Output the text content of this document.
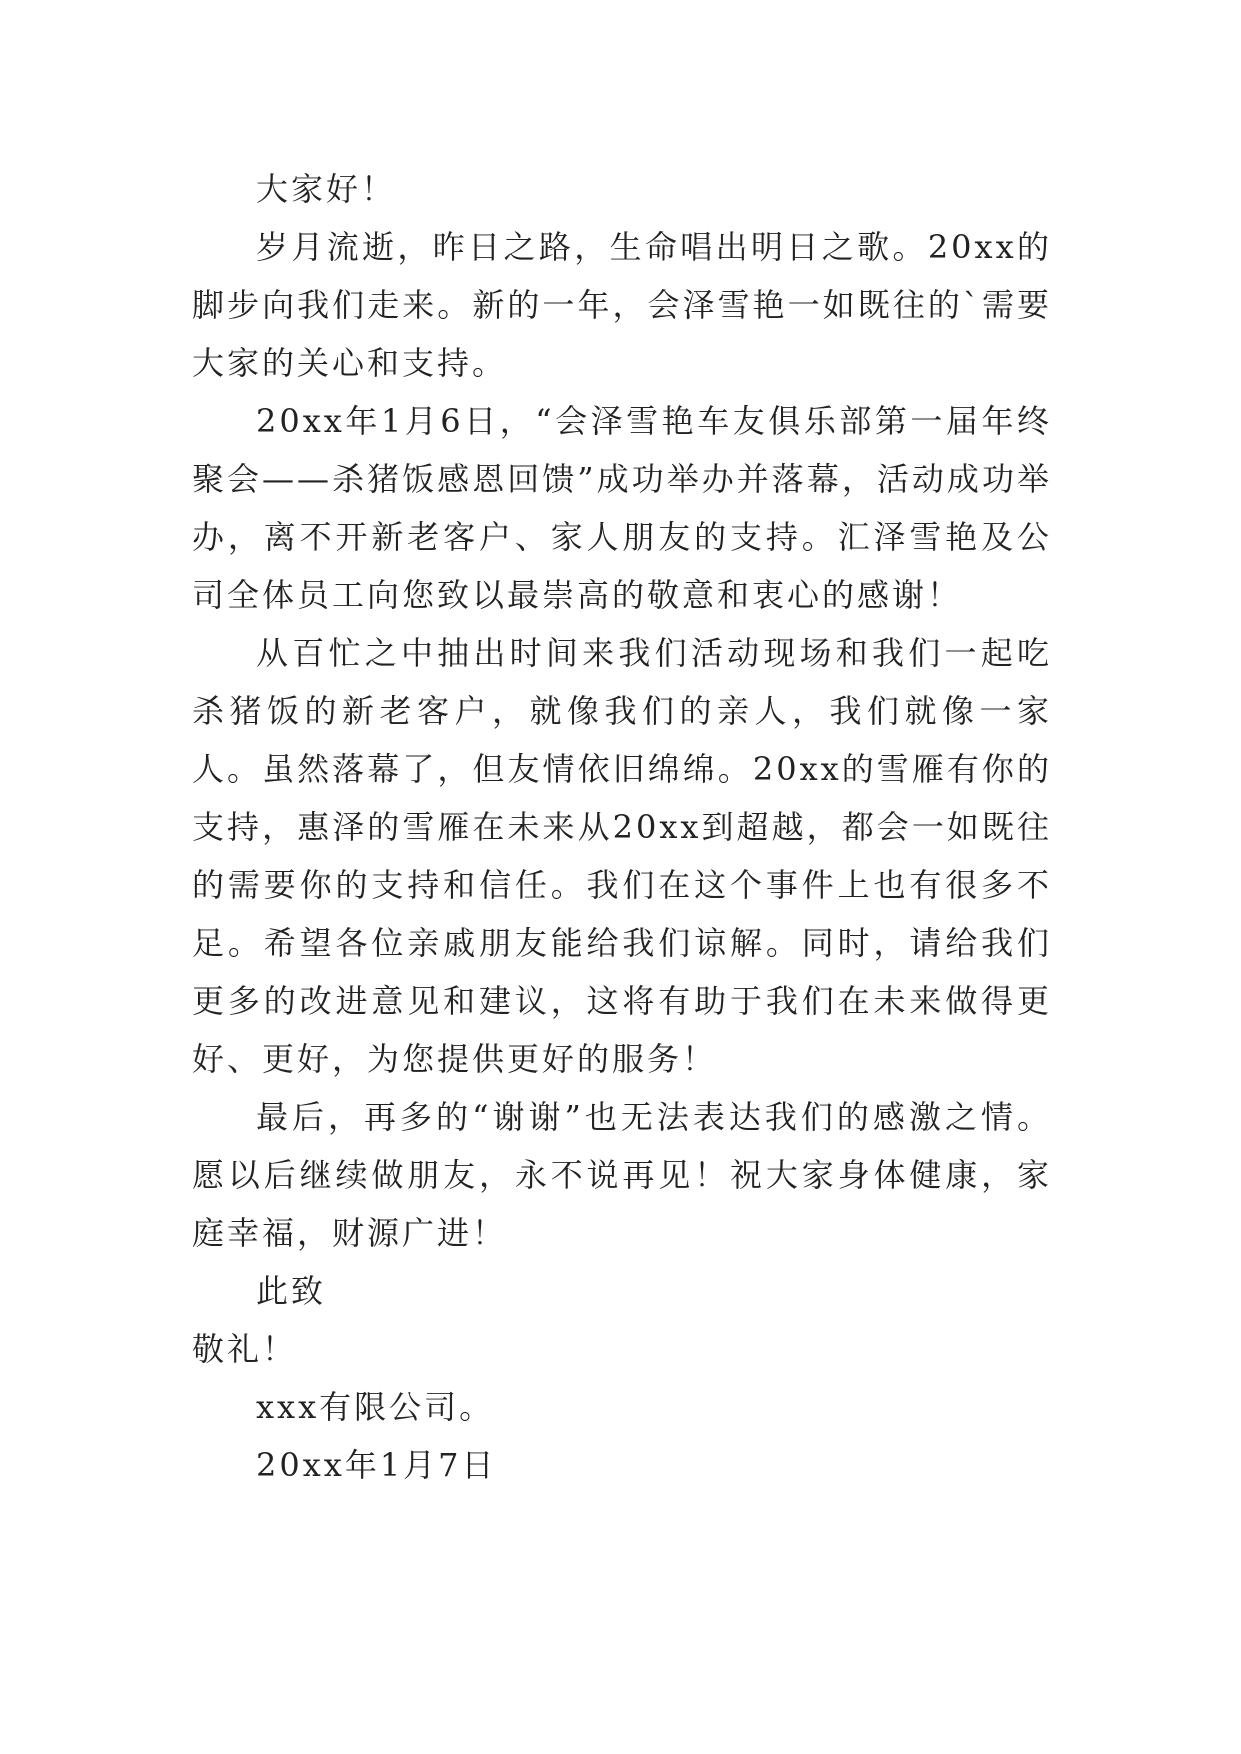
大家好！

岁月流逝，昨日之路，生命唱出明日之歌。20xx的脚步向我们走来。新的一年，会泽雪艳一如既往的`需要大家的关心和支持。

20xx年1月6日，“会泽雪艳车友俱乐部第一届年终聚会——杀猪饭感恩回馈”成功举办并落幕，活动成功举办，离不开新老客户、家人朋友的支持。汇泽雪艳及公司全体员工向您致以最崇高的敬意和衷心的感谢！

从百忙之中抽出时间来我们活动现场和我们一起吃杀猪饭的新老客户，就像我们的亲人，我们就像一家人。虽然落幕了，但友情依旧绵绵。20xx的雪雁有你的支持，惠泽的雪雁在未来从20xx到超越，都会一如既往的需要你的支持和信任。我们在这个事件上也有很多不足。希望各位亲戚朋友能给我们谅解。同时，请给我们更多的改进意见和建议，这将有助于我们在未来做得更好、更好，为您提供更好的服务！

最后，再多的“谢谢”也无法表达我们的感激之情。愿以后继续做朋友，永不说再见！祝大家身体健康，家庭幸福，财源广进！

此致

敬礼！

xxx有限公司。

20xx年1月7日
